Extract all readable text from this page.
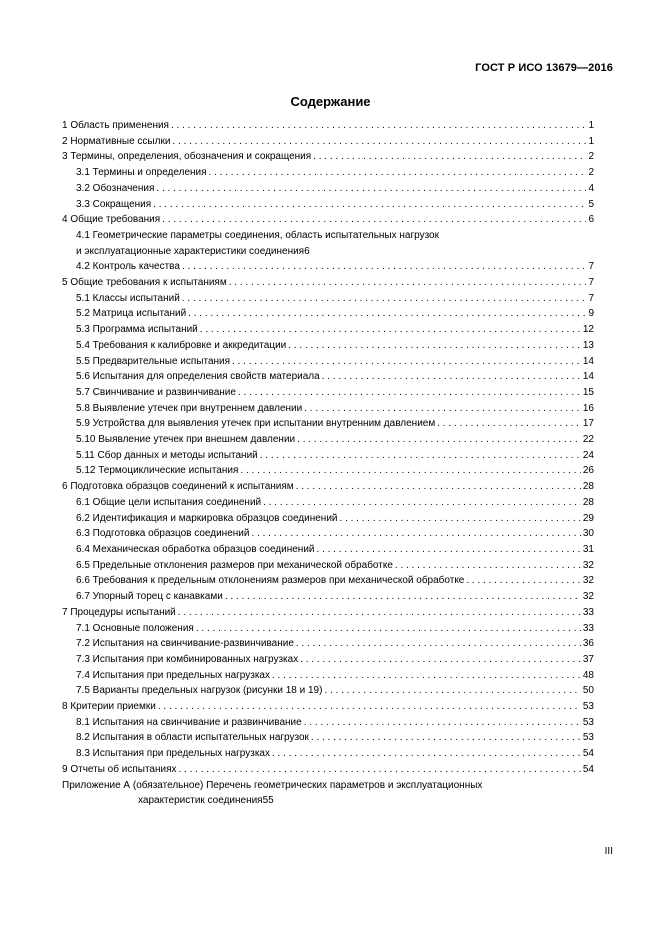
ГОСТ Р ИСО 13679—2016
Содержание
1 Область применения . . .	1
2 Нормативные ссылки . . .	1
3 Термины, определения, обозначения и сокращения . . .	2
3.1 Термины и определения . . .	2
3.2 Обозначения . . .	4
3.3 Сокращения . . .	5
4 Общие требования . . .	6
4.1 Геометрические параметры соединения, область испытательных нагрузок
и эксплуатационные характеристики соединения 6
4.2 Контроль качества . . .	7
5 Общие требования к испытаниям . . .	7
5.1 Классы испытаний . . .	7
5.2 Матрица испытаний . . .	9
5.3 Программа испытаний . . .	12
5.4 Требования к калибровке и аккредитации . . .	13
5.5 Предварительные испытания . . .	14
5.6 Испытания для определения свойств материала . . .	14
5.7 Свинчивание и развинчивание . . .	15
5.8 Выявление утечек при внутреннем давлении . . .	16
5.9 Устройства для выявления утечек при испытании внутренним давлением . . .	17
5.10 Выявление утечек при внешнем давлении . . .	22
5.11 Сбор данных и методы испытаний . . .	24
5.12 Термоциклические испытания . . .	26
6 Подготовка образцов соединений к испытаниям . . .	28
6.1 Общие цели испытания соединений . . .	28
6.2 Идентификация и маркировка образцов соединений . . .	29
6.3 Подготовка образцов соединений . . .	30
6.4 Механическая обработка образцов соединений . . .	31
6.5 Предельные отклонения размеров при механической обработке . . .	32
6.6 Требования к предельным отклонениям размеров при механической обработке . . .	32
6.7 Упорный торец с канавками . . .	32
7 Процедуры испытаний . . .	33
7.1 Основные положения . . .	33
7.2 Испытания на свинчивание-развинчивание . . .	36
7.3 Испытания при комбинированных нагрузках . . .	37
7.4 Испытания при предельных нагрузках . . .	48
7.5 Варианты предельных нагрузок (рисунки 18 и 19) . . .	50
8 Критерии приемки . . .	53
8.1 Испытания на свинчивание и развинчивание . . .	53
8.2 Испытания в области испытательных нагрузок . . .	53
8.3 Испытания при предельных нагрузках . . .	54
9 Отчеты об испытаниях . . .	54
Приложение А (обязательное) Перечень геометрических параметров и эксплуатационных
характеристик соединения 55
III
